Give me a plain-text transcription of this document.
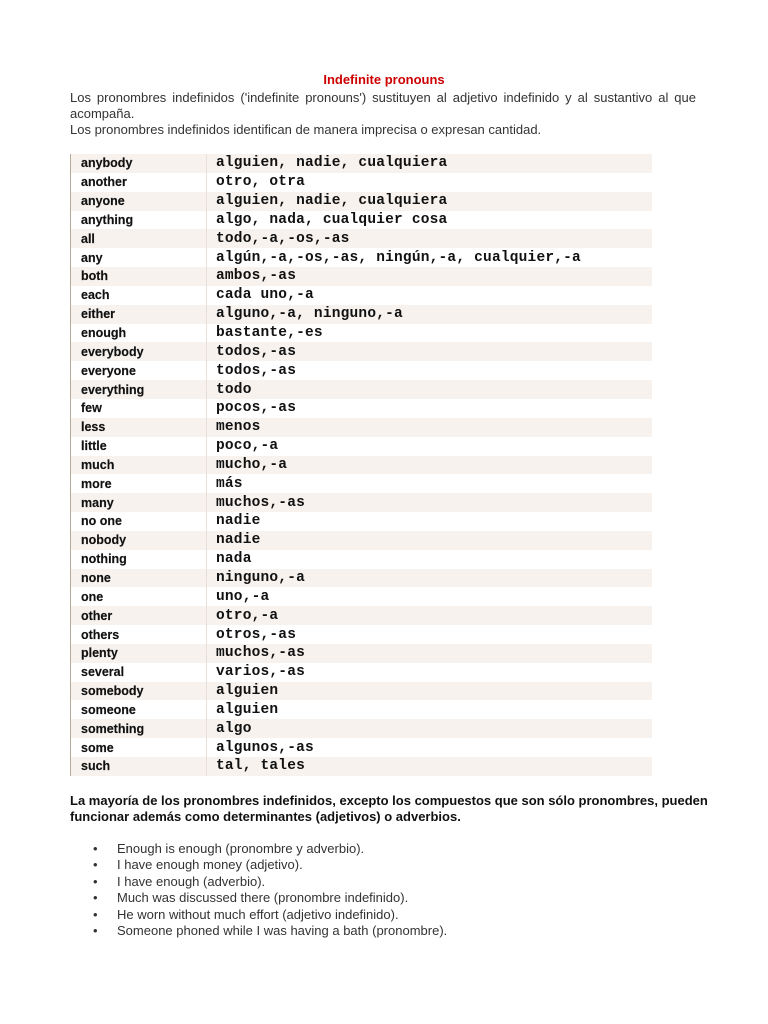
Indefinite pronouns

Los pronombres indefinidos ('indefinite pronouns') sustituyen al adjetivo indefinido y al sustantivo al que acompaña.

Los pronombres indefinidos identifican de manera imprecisa o expresan cantidad.

anybody	alguien, nadie, cualquiera
another	otro, otra
anyone	alguien, nadie, cualquiera
anything	algo, nada, cualquier cosa
all	todo,-a,-os,-as
any	algún,-a,-os,-as, ningún,-a, cualquier,-a
both	ambos,-as
each	cada uno,-a
either	alguno,-a, ninguno,-a
enough	bastante,-es
everybody	todos,-as
everyone	todos,-as
everything	todo
few	pocos,-as
less	menos
little	poco,-a
much	mucho,-a
more	más
many	muchos,-as
no one	nadie
nobody	nadie
nothing	nada
none	ninguno,-a
one	uno,-a
other	otro,-a
others	otros,-as
plenty	muchos,-as
several	varios,-as
somebody	alguien
someone	alguien
something	algo
some	algunos,-as
such	tal, tales

La mayoría de los pronombres indefinidos, excepto los compuestos que son sólo pronombres, pueden funcionar además como determinantes (adjetivos) o adverbios.

• Enough is enough (pronombre y adverbio).
• I have enough money (adjetivo).
• I have enough (adverbio).
• Much was discussed there (pronombre indefinido).
• He worn without much effort (adjetivo indefinido).
• Someone phoned while I was having a bath (pronombre).
